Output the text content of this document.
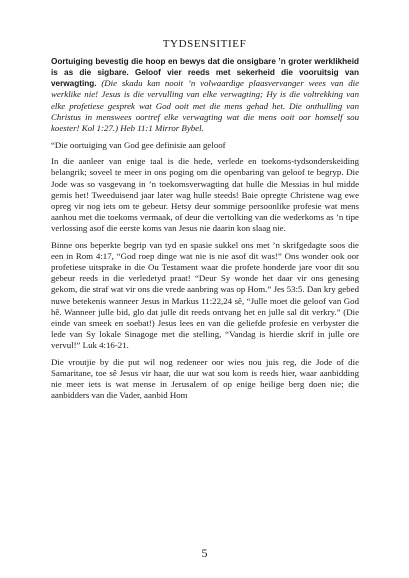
TYDSENSITIEF

Oortuiging bevestig die hoop en bewys dat die onsigbare ’n groter werklikheid is as die sigbare. Geloof vier reeds met sekerheid die vooruitsig van verwagting. (Die skadu kan nooit ’n volwaardige plaasvervanger wees van die werklike nie! Jesus is die vervulling van elke verwagting; Hy is die voltrekking van elke profetiese gesprek wat God ooit met die mens gehad het. Die onthulling van Christus in menswees oortref elke verwagting wat die mens ooit oor homself sou koester! Kol 1:27.) Heb 11:1 Mirror Bybel.

“Die oortuiging van God gee definisie aan geloof

In die aanleer van enige taal is die hede, verlede en toekoms-tydsonderskeiding belangrik; soveel te meer in ons poging om die openbaring van geloof te begryp. Die Jode was so vasgevang in ’n toekomsverwagting dat hulle die Messias in hul midde gemis het! Tweeduisend jaar later wag hulle steeds! Baie opregte Christene wag ewe opreg vir nog iets om te gebeur. Hetsy deur sommige persoonlike profesie wat mens aanhou met die toekoms vermaak, of deur die vertolking van die wederkoms as ’n tipe verlossing asof die eerste koms van Jesus nie daarin kon slaag nie.

Binne ons beperkte begrip van tyd en spasie sukkel ons met ’n skrifgedagte soos die een in Rom 4:17, “God roep dinge wat nie is nie asof dit was!” Ons wonder ook oor profetiese uitsprake in die Ou Testament waar die profete honderde jare voor dit sou gebeur reeds in die verledetyd praat! “Deur Sy wonde het daar vir ons genesing gekom, die straf wat vir ons die vrede aanbring was op Hom.” Jes 53:5. Dan kry gebed nuwe betekenis wanneer Jesus in Markus 11:22,24 sê, “Julle moet die geloof van God hê. Wanneer julle bid, glo dat julle dit reeds ontvang het en julle sal dit verkry.” (Die einde van smeek en soebat!) Jesus lees en van die geliefde profesie en verbyster die lede van Sy lokale Sinagoge met die stelling, “Vandag is hierdie skrif in julle ore vervul!” Luk 4:16-21.

Die vroutjie by die put wil nog redeneer oor wies nou juis reg, die Jode of die Samaritane, toe sê Jesus vir haar, die uur wat sou kom is reeds hier, waar aanbidding nie meer iets is wat mense in Jerusalem of op enige heilige berg doen nie; die aanbidders van die Vader, aanbid Hom

5
